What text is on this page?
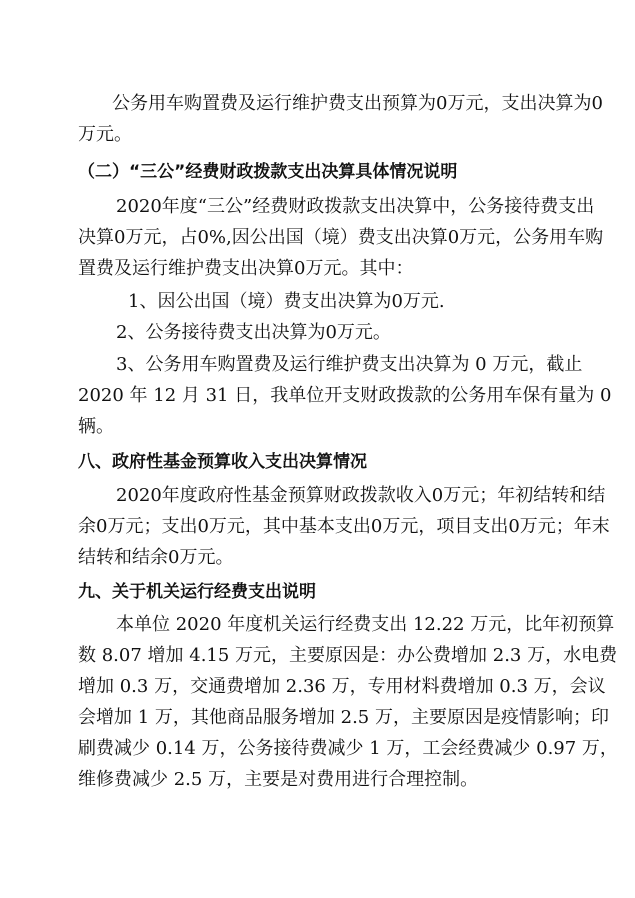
公务用车购置费及运行维护费支出预算为0万元，支出决算为0
万元。
（二）“三公”经费财政拨款支出决算具体情况说明
2020年度“三公”经费财政拨款支出决算中，公务接待费支出
决算0万元，占0%,因公出国（境）费支出决算0万元，公务用车购
置费及运行维护费支出决算0万元。其中：
1、因公出国（境）费支出决算为0万元.
2、公务接待费支出决算为0万元。
3、公务用车购置费及运行维护费支出决算为 0 万元，截止
2020 年 12 月 31 日，我单位开支财政拨款的公务用车保有量为 0
辆。
八、政府性基金预算收入支出决算情况
2020年度政府性基金预算财政拨款收入0万元；年初结转和结
余0万元；支出0万元，其中基本支出0万元，项目支出0万元；年末
结转和结余0万元。
九、关于机关运行经费支出说明
本单位 2020 年度机关运行经费支出 12.22 万元，比年初预算
数 8.07 增加 4.15 万元，主要原因是：办公费增加 2.3 万，水电费
增加 0.3 万，交通费增加 2.36 万，专用材料费增加 0.3 万，会议
会增加 1 万，其他商品服务增加 2.5 万，主要原因是疫情影响；印
刷费减少 0.14 万，公务接待费减少 1 万，工会经费减少 0.97 万，
维修费减少 2.5 万，主要是对费用进行合理控制。
